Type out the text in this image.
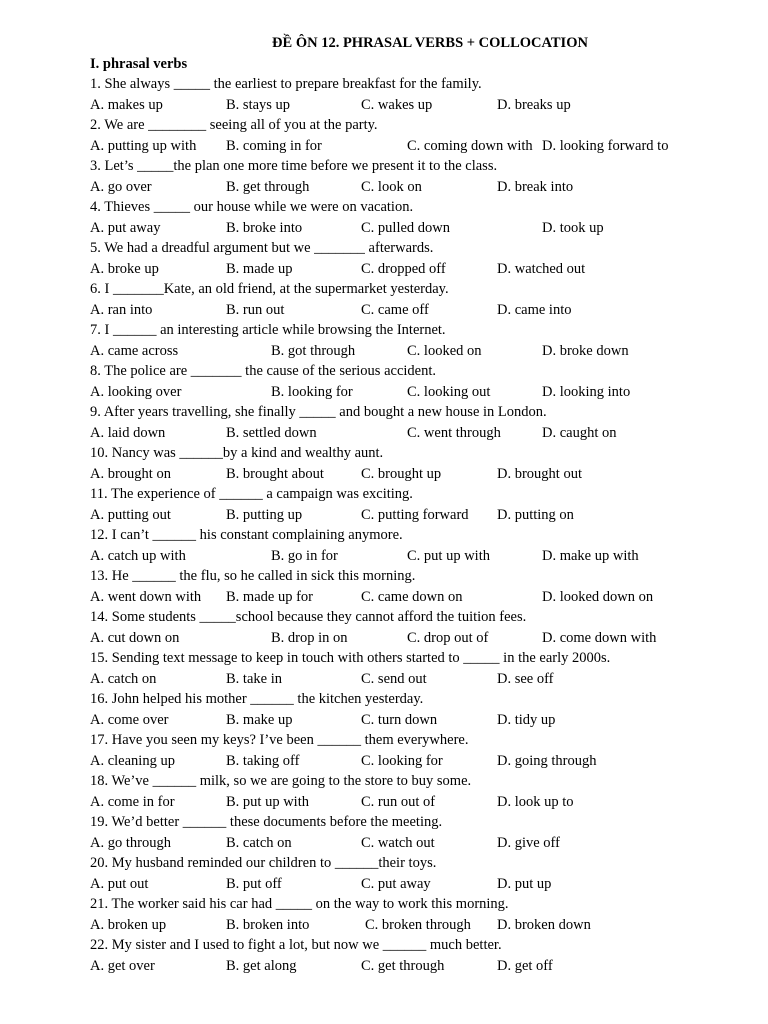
ĐỀ ÔN 12. PHRASAL VERBS + COLLOCATION
I. phrasal verbs
1. She always _____ the earliest to prepare breakfast for the family.
A. makes up	B. stays up	C. wakes up	D. breaks up
2. We are ________ seeing all of you at the party.
A. putting up with B. coming in for	C. coming down with D. looking forward to
3. Let’s _____the plan one more time before we present it to the class.
A. go over	B. get through	C. look on	D. break into
4. Thieves _____ our house while we were on vacation.
A. put away	B. broke into	C. pulled down	D. took up
5. We had a dreadful argument but we _______ afterwards.
A. broke up	B. made up	C. dropped off	D. watched out
6. I _______Kate, an old friend, at the supermarket yesterday.
A. ran into	B. run out	C. came off	D. came into
7. I ______ an interesting article while browsing the Internet.
A. came across	B. got through	C. looked on	D. broke down
8. The police are _______ the cause of the serious accident.
A. looking over	B. looking for	C. looking out	D. looking into
9. After years travelling, she finally _____ and bought a new house in London.
A. laid down	B. settled down	C. went through	D. caught on
10. Nancy was ______by a kind and wealthy aunt.
A. brought on	B. brought about	C. brought up	D. brought out
11. The experience of ______ a campaign was exciting.
A. putting out	B. putting up	C. putting forward D. putting on
12. I can’t ______ his constant complaining anymore.
A. catch up with	B. go in for	C. put up with	D. make up with
13. He ______ the flu, so he called in sick this morning.
A. went down with B. made up for	C. came down on	D. looked down on
14. Some students _____school because they cannot afford the tuition fees.
A. cut down on	B. drop in on	C. drop out of	D. come down with
15. Sending text message to keep in touch with others started to _____ in the early 2000s.
A. catch on	B. take in	C. send out	D. see off
16. John helped his mother ______ the kitchen yesterday.
A. come over	B. make up	C. turn down	D. tidy up
17. Have you seen my keys? I’ve been ______ them everywhere.
A. cleaning up	B. taking off	C. looking for	D. going through
18. We’ve ______ milk, so we are going to the store to buy some.
A. come in for	B. put up with	C. run out of	D. look up to
19. We’d better ______ these documents before the meeting.
A. go through	B. catch on	C. watch out	D. give off
20. My husband reminded our children to ______their toys.
A. put out	B. put off	C. put away	D. put up
21. The worker said his car had _____ on the way to work this morning.
A. broken up	B. broken into	C. broken through D. broken down
22. My sister and I used to fight a lot, but now we ______ much better.
A. get over	B. get along	C. get through	D. get off
